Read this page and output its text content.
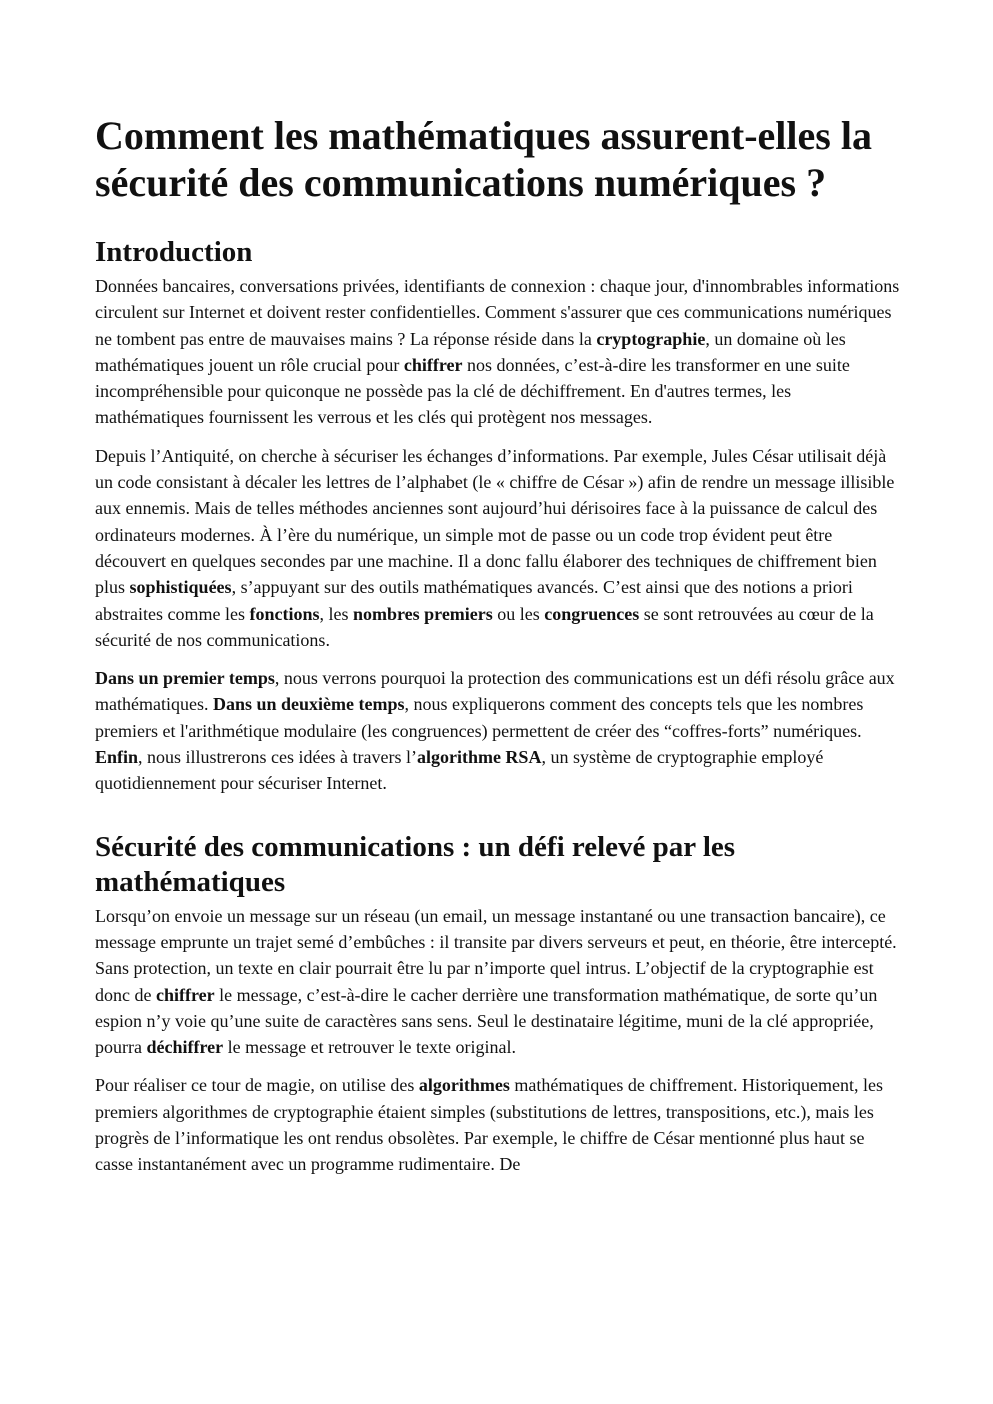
Comment les mathématiques assurent-elles la sécurité des communications numériques ?
Introduction

Données bancaires, conversations privées, identifiants de connexion : chaque jour, d'innombrables informations circulent sur Internet et doivent rester confidentielles. Comment s'assurer que ces communications numériques ne tombent pas entre de mauvaises mains ? La réponse réside dans la cryptographie, un domaine où les mathématiques jouent un rôle crucial pour chiffrer nos données, c’est-à-dire les transformer en une suite incompréhensible pour quiconque ne possède pas la clé de déchiffrement. En d'autres termes, les mathématiques fournissent les verrous et les clés qui protègent nos messages.

Depuis l’Antiquité, on cherche à sécuriser les échanges d’informations. Par exemple, Jules César utilisait déjà un code consistant à décaler les lettres de l’alphabet (le « chiffre de César ») afin de rendre un message illisible aux ennemis. Mais de telles méthodes anciennes sont aujourd’hui dérisoires face à la puissance de calcul des ordinateurs modernes. À l’ère du numérique, un simple mot de passe ou un code trop évident peut être découvert en quelques secondes par une machine. Il a donc fallu élaborer des techniques de chiffrement bien plus sophistiquées, s’appuyant sur des outils mathématiques avancés. C’est ainsi que des notions a priori abstraites comme les fonctions, les nombres premiers ou les congruences se sont retrouvées au cœur de la sécurité de nos communications.

Dans un premier temps, nous verrons pourquoi la protection des communications est un défi résolu grâce aux mathématiques. Dans un deuxième temps, nous expliquerons comment des concepts tels que les nombres premiers et l'arithmétique modulaire (les congruences) permettent de créer des “coffres-forts” numériques. Enfin, nous illustrerons ces idées à travers l’algorithme RSA, un système de cryptographie employé quotidiennement pour sécuriser Internet.

Sécurité des communications : un défi relevé par les mathématiques

Lorsqu’on envoie un message sur un réseau (un email, un message instantané ou une transaction bancaire), ce message emprunte un trajet semé d’embûches : il transite par divers serveurs et peut, en théorie, être intercepté. Sans protection, un texte en clair pourrait être lu par n’importe quel intrus. L’objectif de la cryptographie est donc de chiffrer le message, c’est-à-dire le cacher derrière une transformation mathématique, de sorte qu’un espion n’y voie qu’une suite de caractères sans sens. Seul le destinataire légitime, muni de la clé appropriée, pourra déchiffrer le message et retrouver le texte original.

Pour réaliser ce tour de magie, on utilise des algorithmes mathématiques de chiffrement. Historiquement, les premiers algorithmes de cryptographie étaient simples (substitutions de lettres, transpositions, etc.), mais les progrès de l’informatique les ont rendus obsolètes. Par exemple, le chiffre de César mentionné plus haut se casse instantanément avec un programme rudimentaire. De
